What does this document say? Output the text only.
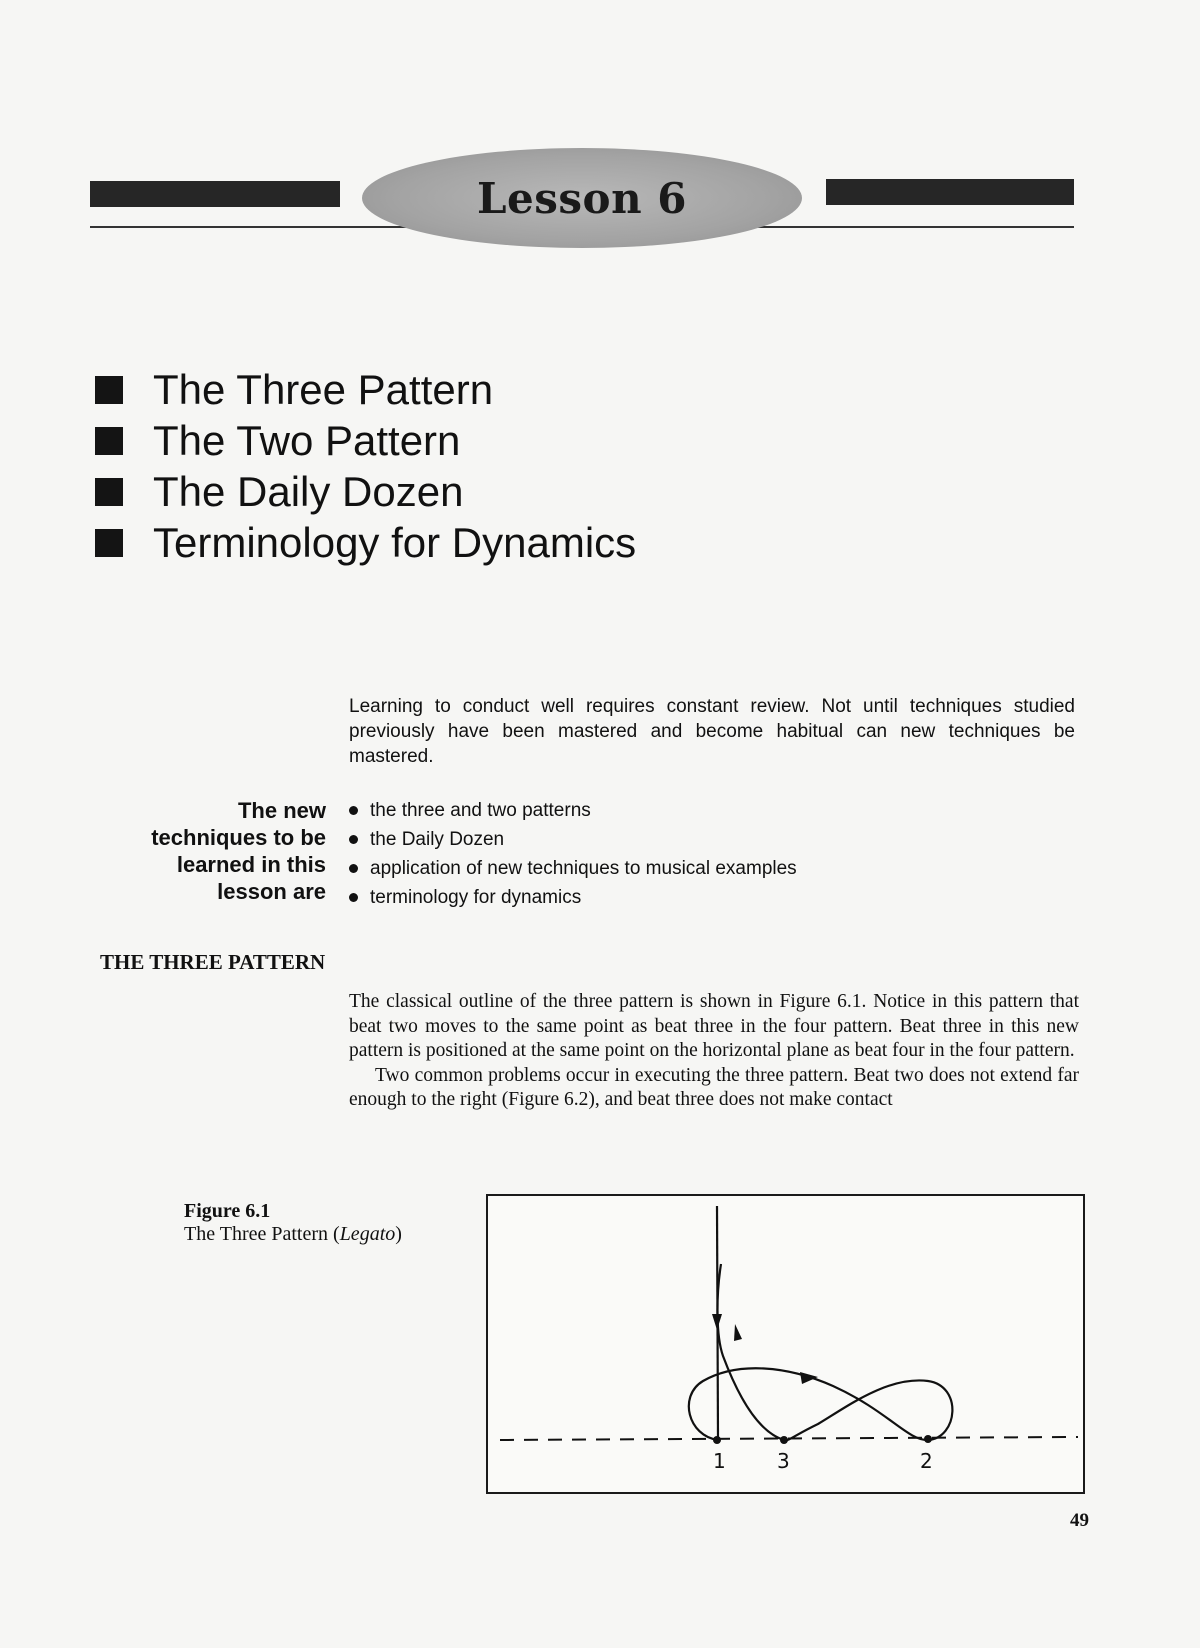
Lesson 6
The Three Pattern
The Two Pattern
The Daily Dozen
Terminology for Dynamics

Learning to conduct well requires constant review. Not until techniques studied previously have been mastered and become habitual can new techniques be mastered.

The new
techniques to be
learned in this
lesson are
the three and two patterns
the Daily Dozen
application of new techniques to musical examples
terminology for dynamics
THE THREE PATTERN

The classical outline of the three pattern is shown in Figure 6.1. Notice in this pattern that beat two moves to the same point as beat three in the four pattern. Beat three in this new pattern is positioned at the same point on the horizontal plane as beat four in the four pattern.

Two common problems occur in executing the three pattern. Beat two does not extend far enough to the right (Figure 6.2), and beat three does not make contact

Figure 6.1
The Three Pattern (Legato)
1	3	2
49
